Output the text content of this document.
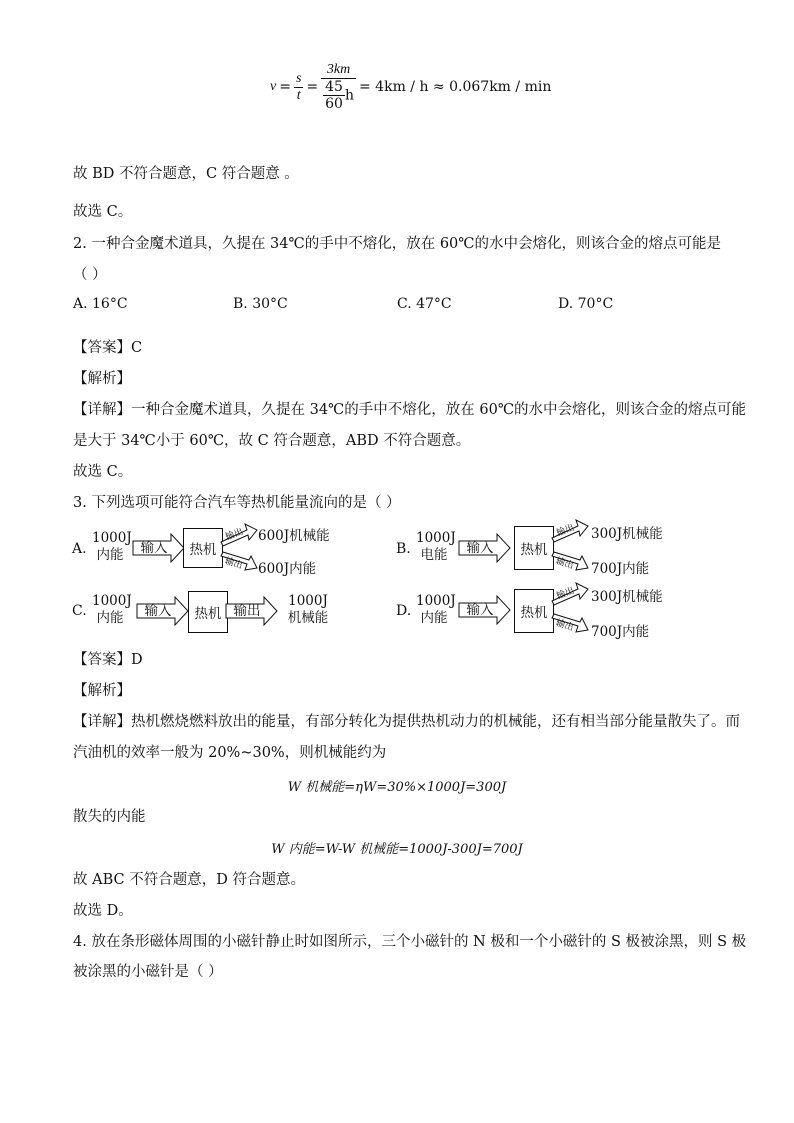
$v = \frac{s}{t} = \frac{3km}{\frac{45}{60} h} = 4km / h \approx 0.067km / \min$
故 BD 不符合题意，C 符合题意 。
故选 C。
2. 一种合金魔术道具，久提在 34℃的手中不熔化，放在 60℃的水中会熔化，则该合金的熔点可能是
（ ）
A. 16°C	B. 30°C	C. 47°C	D. 70°C
【答案】C
【解析】
【详解】一种合金魔术道具，久提在 34℃的手中不熔化，放在 60℃的水中会熔化，则该合金的熔点可能
是大于 34℃小于 60℃，故 C 符合题意，ABD 不符合题意。
故选 C。
3. 下列选项可能符合汽车等热机能量流向的是（ ）
A.
1000J
内能	输入	热机
输出
输出
600J机械能
600J内能
B.
1000J
电能	输入	热机
输出
输出
300J机械能
700J内能
C.
1000J
内能	输入	热机 输出
1000J
机械能	D.
1000J
内能	输入	热机
输出
输出
300J机械能
700J内能
【答案】D
【解析】
【详解】热机燃烧燃料放出的能量，有部分转化为提供热机动力的机械能，还有相当部分能量散失了。而
汽油机的效率一般为 20%~30%，则机械能约为
W 机械能=ηW=30%×1000J=300J
散失的内能
W 内能=W-W 机械能=1000J-300J=700J
故 ABC 不符合题意，D 符合题意。
故选 D。
4. 放在条形磁体周围的小磁针静止时如图所示，三个小磁针的 N 极和一个小磁针的 S 极被涂黑，则 S 极
被涂黑的小磁针是（ ）
